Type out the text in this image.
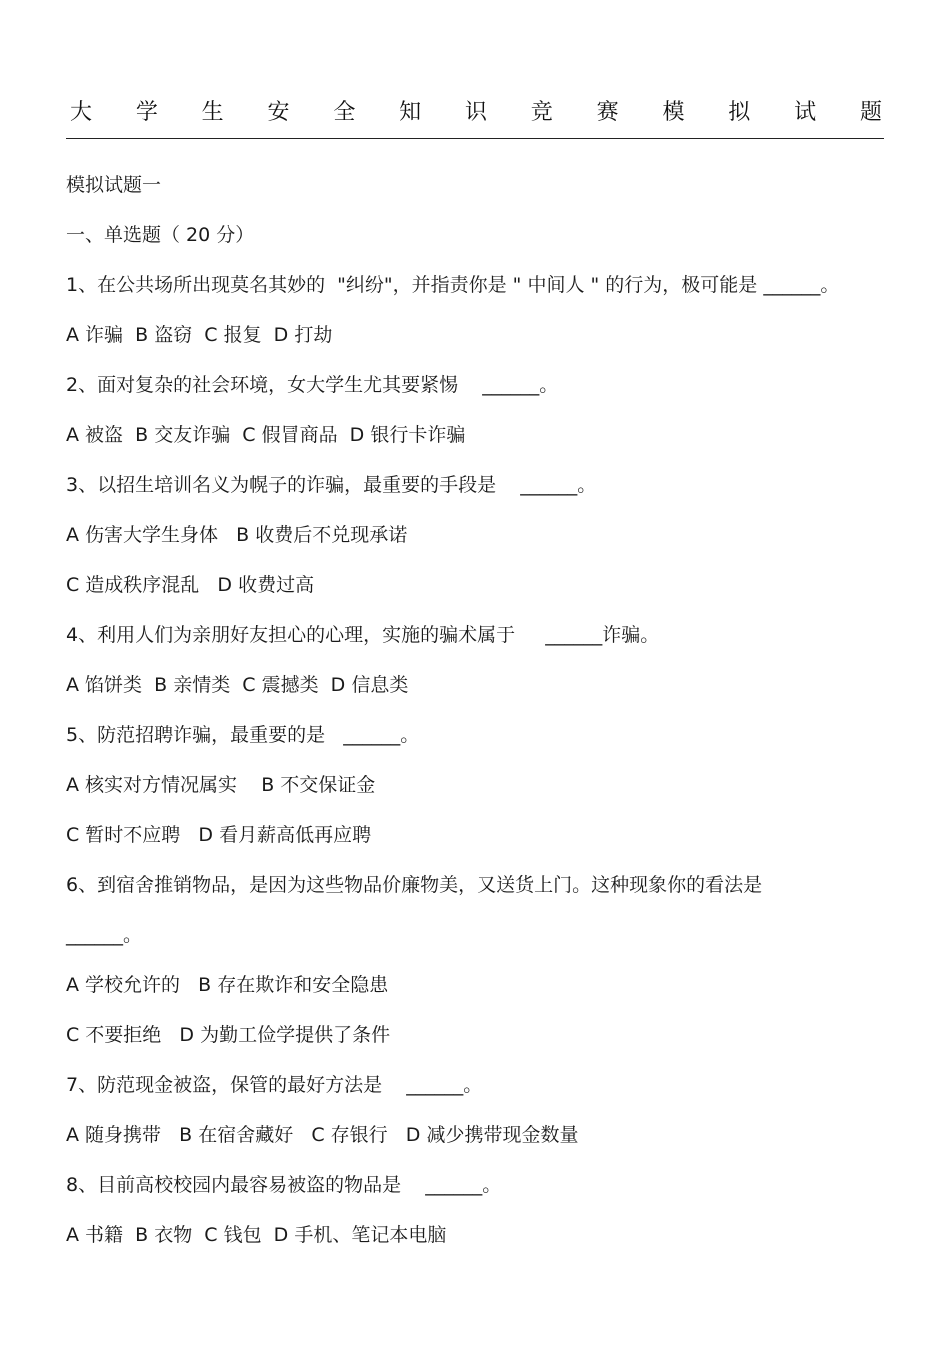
大 学 生 安 全 知 识 竞 赛 模 拟 试 题
模拟试题一
一、单选题（ 20 分）
1、在公共场所出现莫名其妙的  "纠纷"，并指责你是 " 中间人 " 的行为，极可能是 ______。
A 诈骗  B 盗窃  C 报复  D 打劫
2、面对复杂的社会环境，女大学生尤其要紧惕    ______。
A 被盗  B 交友诈骗  C 假冒商品  D 银行卡诈骗
3、以招生培训名义为幌子的诈骗，最重要的手段是    ______。
A 伤害大学生身体   B 收费后不兑现承诺
C 造成秩序混乱   D 收费过高
4、利用人们为亲朋好友担心的心理，实施的骗术属于     ______诈骗。
A 馅饼类  B 亲情类  C 震撼类  D 信息类
5、防范招聘诈骗，最重要的是   ______。
A 核实对方情况属实    B 不交保证金
C 暂时不应聘   D 看月薪高低再应聘
6、到宿舍推销物品，是因为这些物品价廉物美，又送货上门。这种现象你的看法是
______。
A 学校允许的   B 存在欺诈和安全隐患
C 不要拒绝   D 为勤工俭学提供了条件
7、防范现金被盗，保管的最好方法是    ______。
A 随身携带   B 在宿舍藏好   C 存银行   D 减少携带现金数量
8、目前高校校园内最容易被盗的物品是    ______。
A 书籍  B 衣物  C 钱包  D 手机、笔记本电脑
